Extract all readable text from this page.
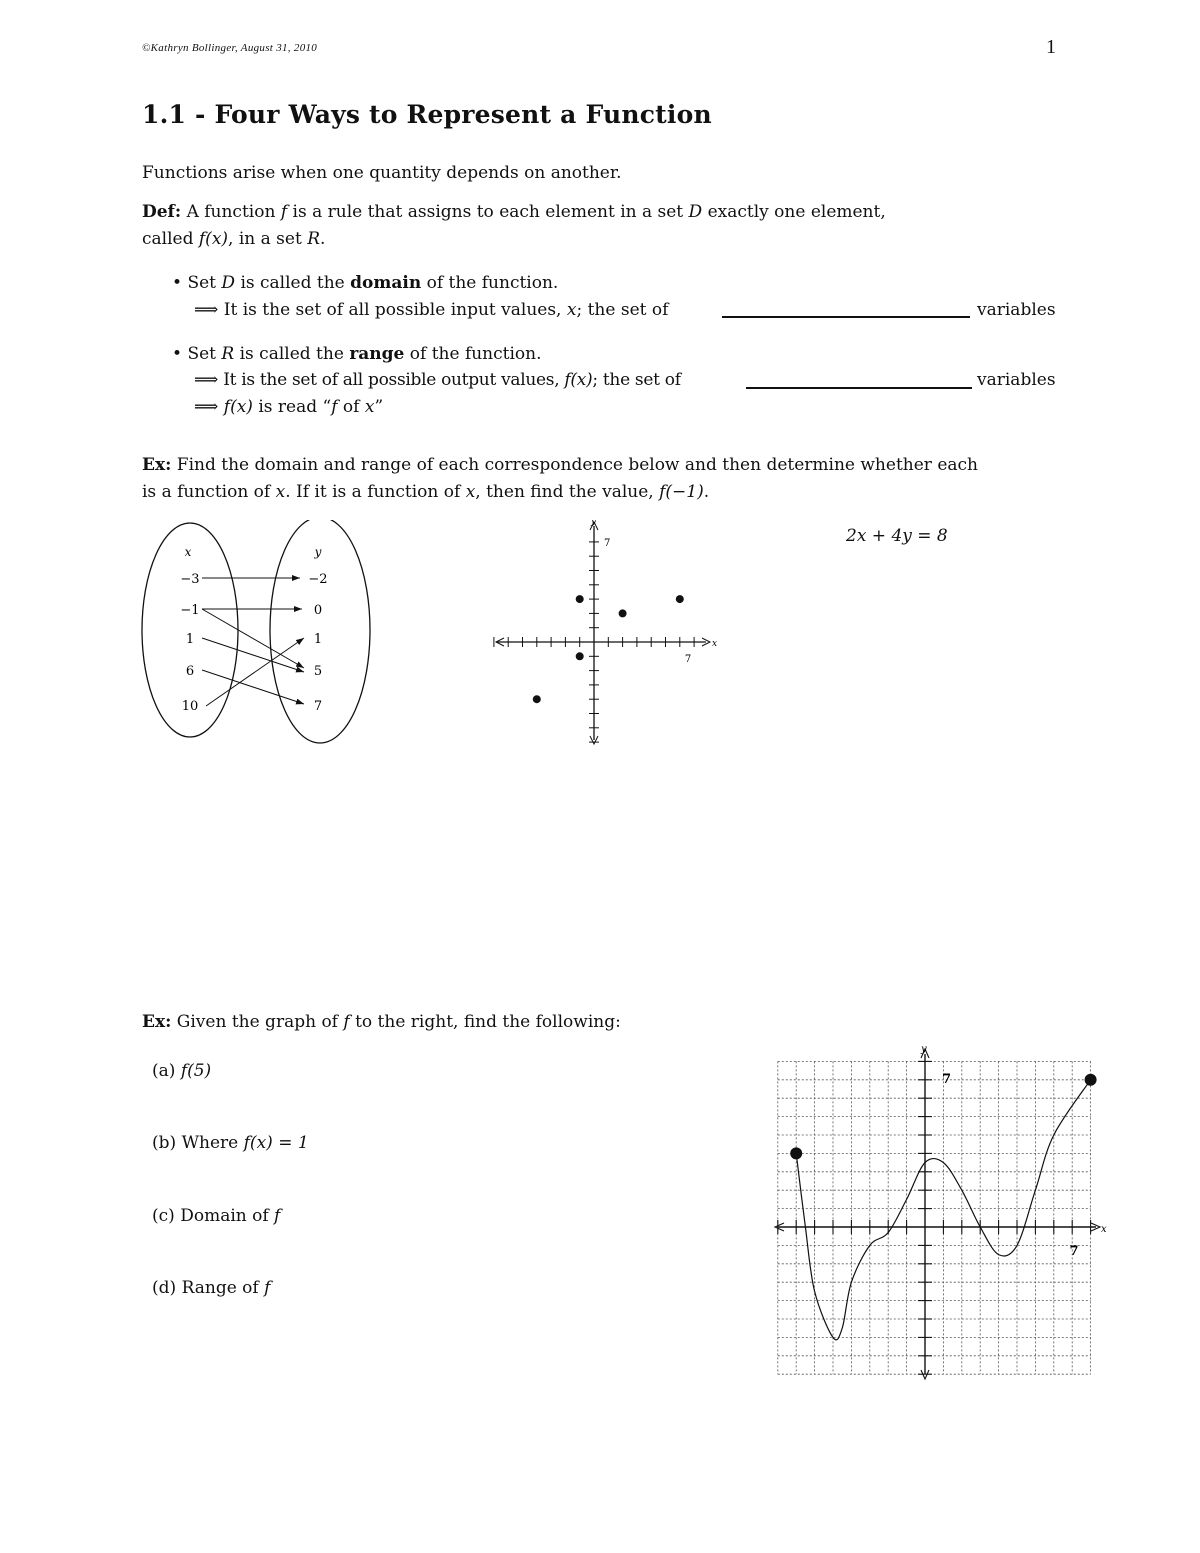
©Kathryn Bollinger, August 31, 2010	1
1.1 - Four Ways to Represent a Function
Functions arise when one quantity depends on another.
Def: A function f is a rule that assigns to each element in a set D exactly one element,
called f(x), in a set R.
• Set D is called the domain of the function.
⟹ It is the set of all possible input values, x; the set of	variables
• Set R is called the range of the function.
⟹ It is the set of all possible output values, f(x); the set of	variables
⟹ f(x) is read “f of x”
Ex: Find the domain and range of each correspondence below and then determine whether each
is a function of x. If it is a function of x, then find the value, f(−1).
2x + 4y = 8
x	y
−3
−1
1
6
10
−2
0
1
5
7
x
y
7
7
Ex: Given the graph of f to the right, find the following:
(a) f(5)
(b) Where f(x) = 1
(c) Domain of f
(d) Range of f
x
y
7
7
